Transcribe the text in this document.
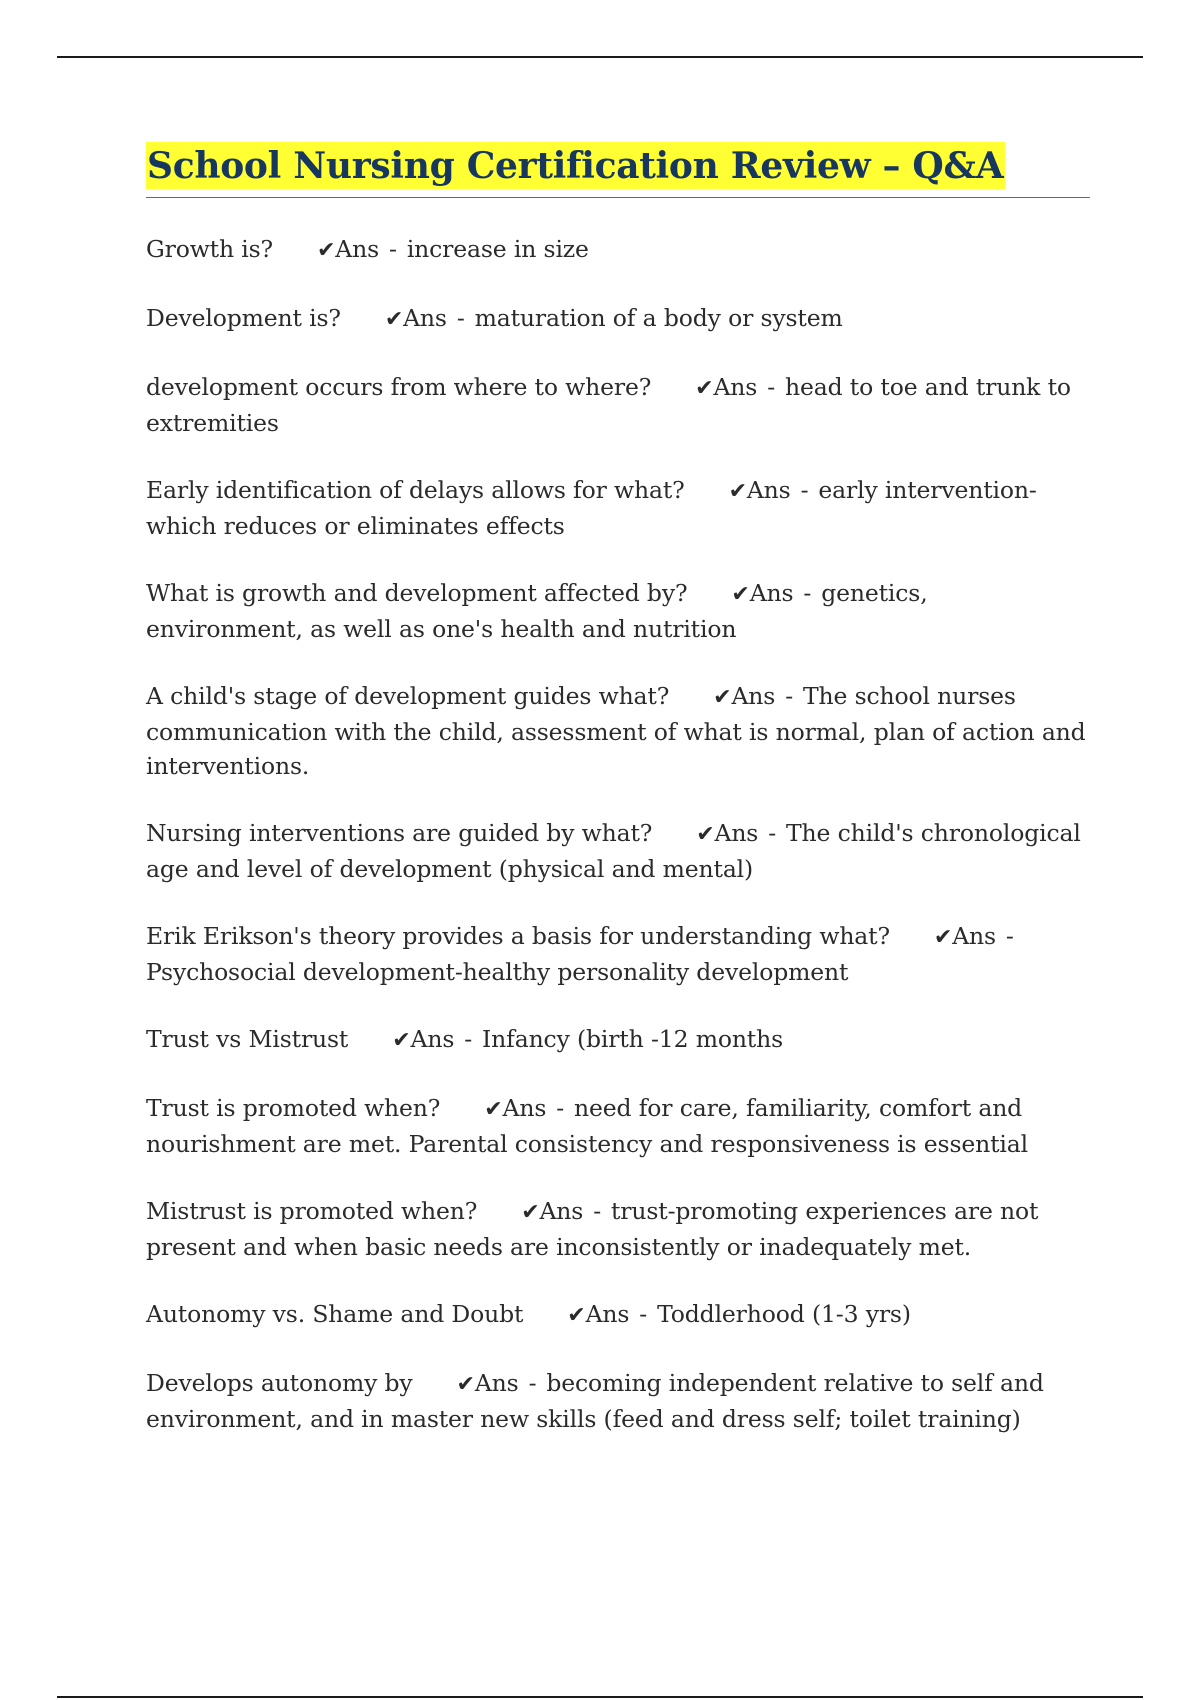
School Nursing Certification Review – Q&A

Growth is? ✔Ans - increase in size

Development is? ✔Ans - maturation of a body or system

development occurs from where to where? ✔Ans - head to toe and trunk to extremities

Early identification of delays allows for what? ✔Ans - early intervention-which reduces or eliminates effects

What is growth and development affected by? ✔Ans - genetics, environment, as well as one's health and nutrition

A child's stage of development guides what? ✔Ans - The school nurses communication with the child, assessment of what is normal, plan of action and interventions.

Nursing interventions are guided by what? ✔Ans - The child's chronological age and level of development (physical and mental)

Erik Erikson's theory provides a basis for understanding what? ✔Ans -Psychosocial development-healthy personality development

Trust vs Mistrust ✔Ans - Infancy (birth -12 months

Trust is promoted when? ✔Ans - need for care, familiarity, comfort and nourishment are met. Parental consistency and responsiveness is essential

Mistrust is promoted when? ✔Ans - trust-promoting experiences are not present and when basic needs are inconsistently or inadequately met.

Autonomy vs. Shame and Doubt ✔Ans - Toddlerhood (1-3 yrs)

Develops autonomy by ✔Ans - becoming independent relative to self and environment, and in master new skills (feed and dress self; toilet training)
